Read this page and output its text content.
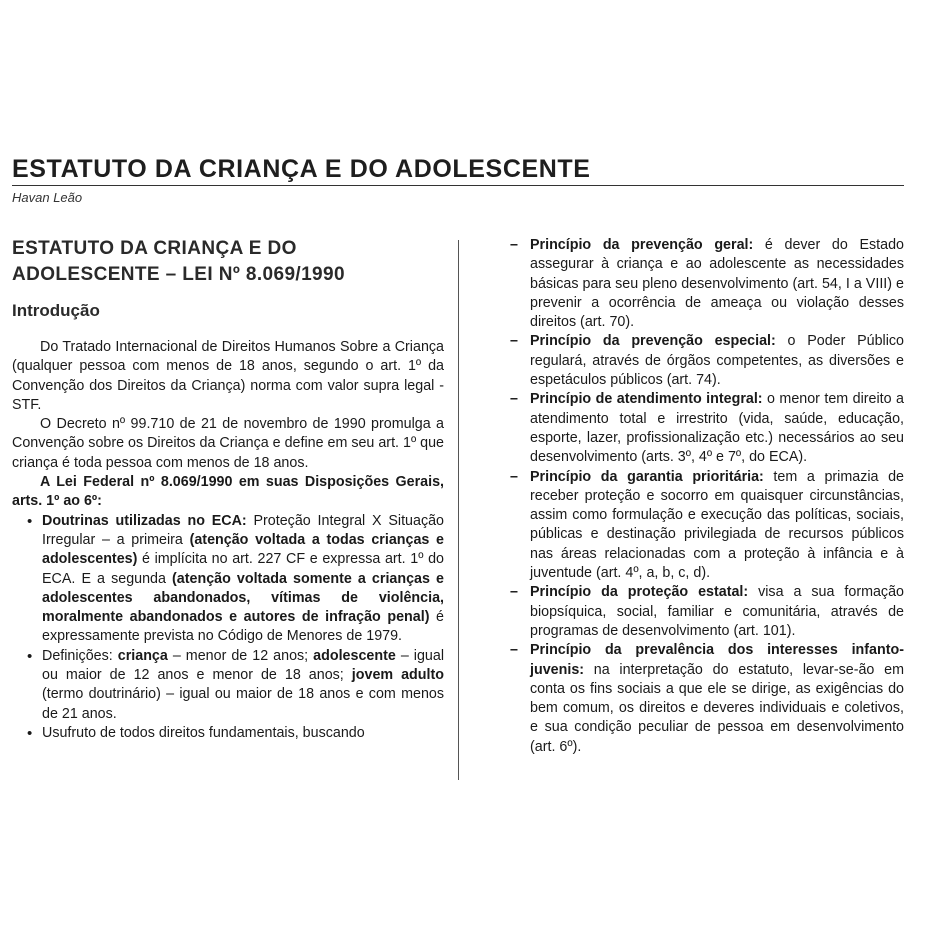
ESTATUTO DA CRIANÇA E DO ADOLESCENTE
Havan Leão
ESTATUTO DA CRIANÇA E DO
ADOLESCENTE – LEI Nº 8.069/1990
Introdução

Do Tratado Internacional de Direitos Humanos Sobre a Criança (qualquer pessoa com menos de 18 anos, segundo o art. 1º da Convenção dos Direitos da Criança) norma com valor supra legal - STF.

O Decreto nº 99.710 de 21 de novembro de 1990 promulga a Convenção sobre os Direitos da Criança e define em seu art. 1º que criança é toda pessoa com menos de 18 anos.

A Lei Federal nº 8.069/1990 em suas Disposições Gerais, arts. 1º ao 6º:

• Doutrinas utilizadas no ECA: Proteção Integral X Situação Irregular – a primeira (atenção voltada a todas crianças e adolescentes) é implícita no art. 227 CF e expressa art. 1º do ECA. E a segunda (atenção voltada somente a crianças e adolescentes abandonados, vítimas de violência, moralmente abandonados e autores de infração penal) é expressamente prevista no Código de Menores de 1979.
• Definições: criança – menor de 12 anos; adolescente – igual ou maior de 12 anos e menor de 18 anos; jovem adulto (termo doutrinário) – igual ou maior de 18 anos e com menos de 21 anos.
• Usufruto de todos direitos fundamentais, buscando
– Princípio da prevenção geral: é dever do Estado assegurar à criança e ao adolescente as necessidades básicas para seu pleno desenvolvimento (art. 54, I a VIII) e prevenir a ocorrência de ameaça ou violação desses direitos (art. 70).
– Princípio da prevenção especial: o Poder Público regulará, através de órgãos competentes, as diversões e espetáculos públicos (art. 74).
– Princípio de atendimento integral: o menor tem direito a atendimento total e irrestrito (vida, saúde, educação, esporte, lazer, profissionalização etc.) necessários ao seu desenvolvimento (arts. 3º, 4º e 7º, do ECA).
– Princípio da garantia prioritária: tem a primazia de receber proteção e socorro em quaisquer circunstâncias, assim como formulação e execução das políticas, sociais, públicas e destinação privilegiada de recursos públicos nas áreas relacionadas com a proteção à infância e à juventude (art. 4º, a, b, c, d).
– Princípio da proteção estatal: visa a sua formação biopsíquica, social, familiar e comunitária, através de programas de desenvolvimento (art. 101).
– Princípio da prevalência dos interesses infanto-juvenis: na interpretação do estatuto, levar-se-ão em conta os fins sociais a que ele se dirige, as exigências do bem comum, os direitos e deveres individuais e coletivos, e sua condição peculiar de pessoa em desenvolvimento (art. 6º).
